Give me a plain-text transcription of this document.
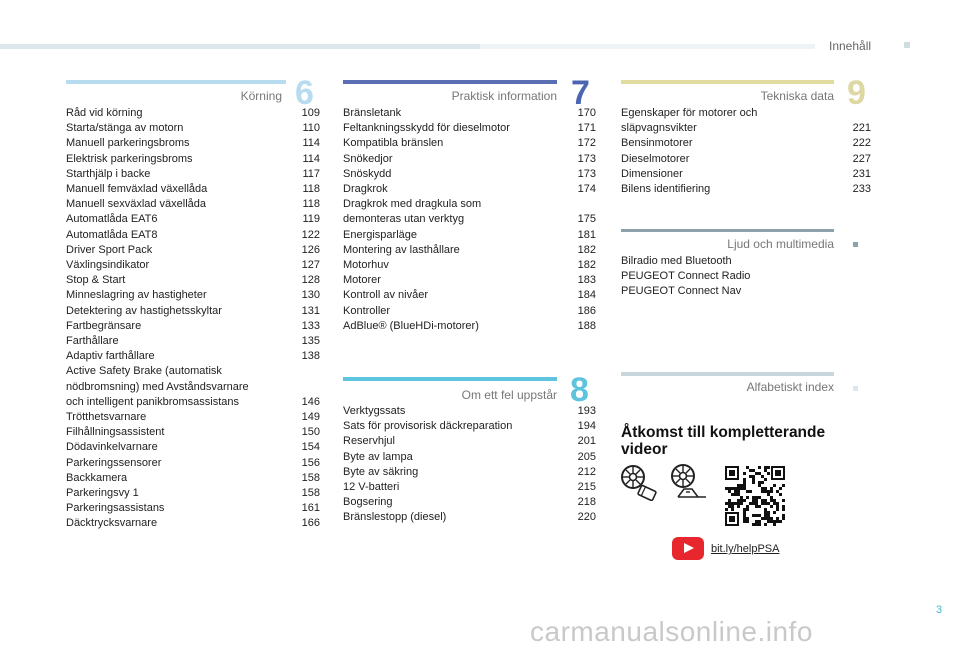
Innehåll
Körning 6
Råd vid körning	109
Starta/stänga av motorn	110
Manuell parkeringsbroms	114
Elektrisk parkeringsbroms	114
Starthjälp i backe	117
Manuell femväxlad växellåda	118
Manuell sexväxlad växellåda	118
Automatlåda EAT6	119
Automatlåda EAT8	122
Driver Sport Pack	126
Växlingsindikator	127
Stop & Start	128
Minneslagring av hastigheter	130
Detektering av hastighetsskyltar	131
Fartbegränsare	133
Farthållare	135
Adaptiv farthållare	138
Active Safety Brake (automatisk
nödbromsning) med Avståndsvarnare
och intelligent panikbromsassistans	146
Trötthetsvarnare	149
Filhållningsassistent	150
Dödavinkelvarnare	154
Parkeringssensorer	156
Backkamera	158
Parkeringsvy 1	158
Parkeringsassistans	161
Däcktrycksvarnare	166
Praktisk information 7
Bränsletank	170
Feltankningsskydd för dieselmotor	171
Kompatibla bränslen	172
Snökedjor	173
Snöskydd	173
Dragkrok	174
Dragkrok med dragkula som
demonteras utan verktyg	175
Energisparläge	181
Montering av lasthållare	182
Motorhuv	182
Motorer	183
Kontroll av nivåer	184
Kontroller	186
AdBlue® (BlueHDi-motorer)	188
Om ett fel uppstår 8
Verktygssats	193
Sats för provisorisk däckreparation	194
Reservhjul	201
Byte av lampa	205
Byte av säkring	212
12 V-batteri	215
Bogsering	218
Bränslestopp (diesel)	220
Tekniska data 9
Egenskaper för motorer och
släpvagnsvikter	221
Bensinmotorer	222
Dieselmotorer	227
Dimensioner	231
Bilens identifiering	233
Ljud och multimedia
Bilradio med Bluetooth
PEUGEOT Connect Radio
PEUGEOT Connect Nav
Alfabetiskt index
Åtkomst till kompletterande
videor
bit.ly/helpPSA
3
carmanualsonline.info
